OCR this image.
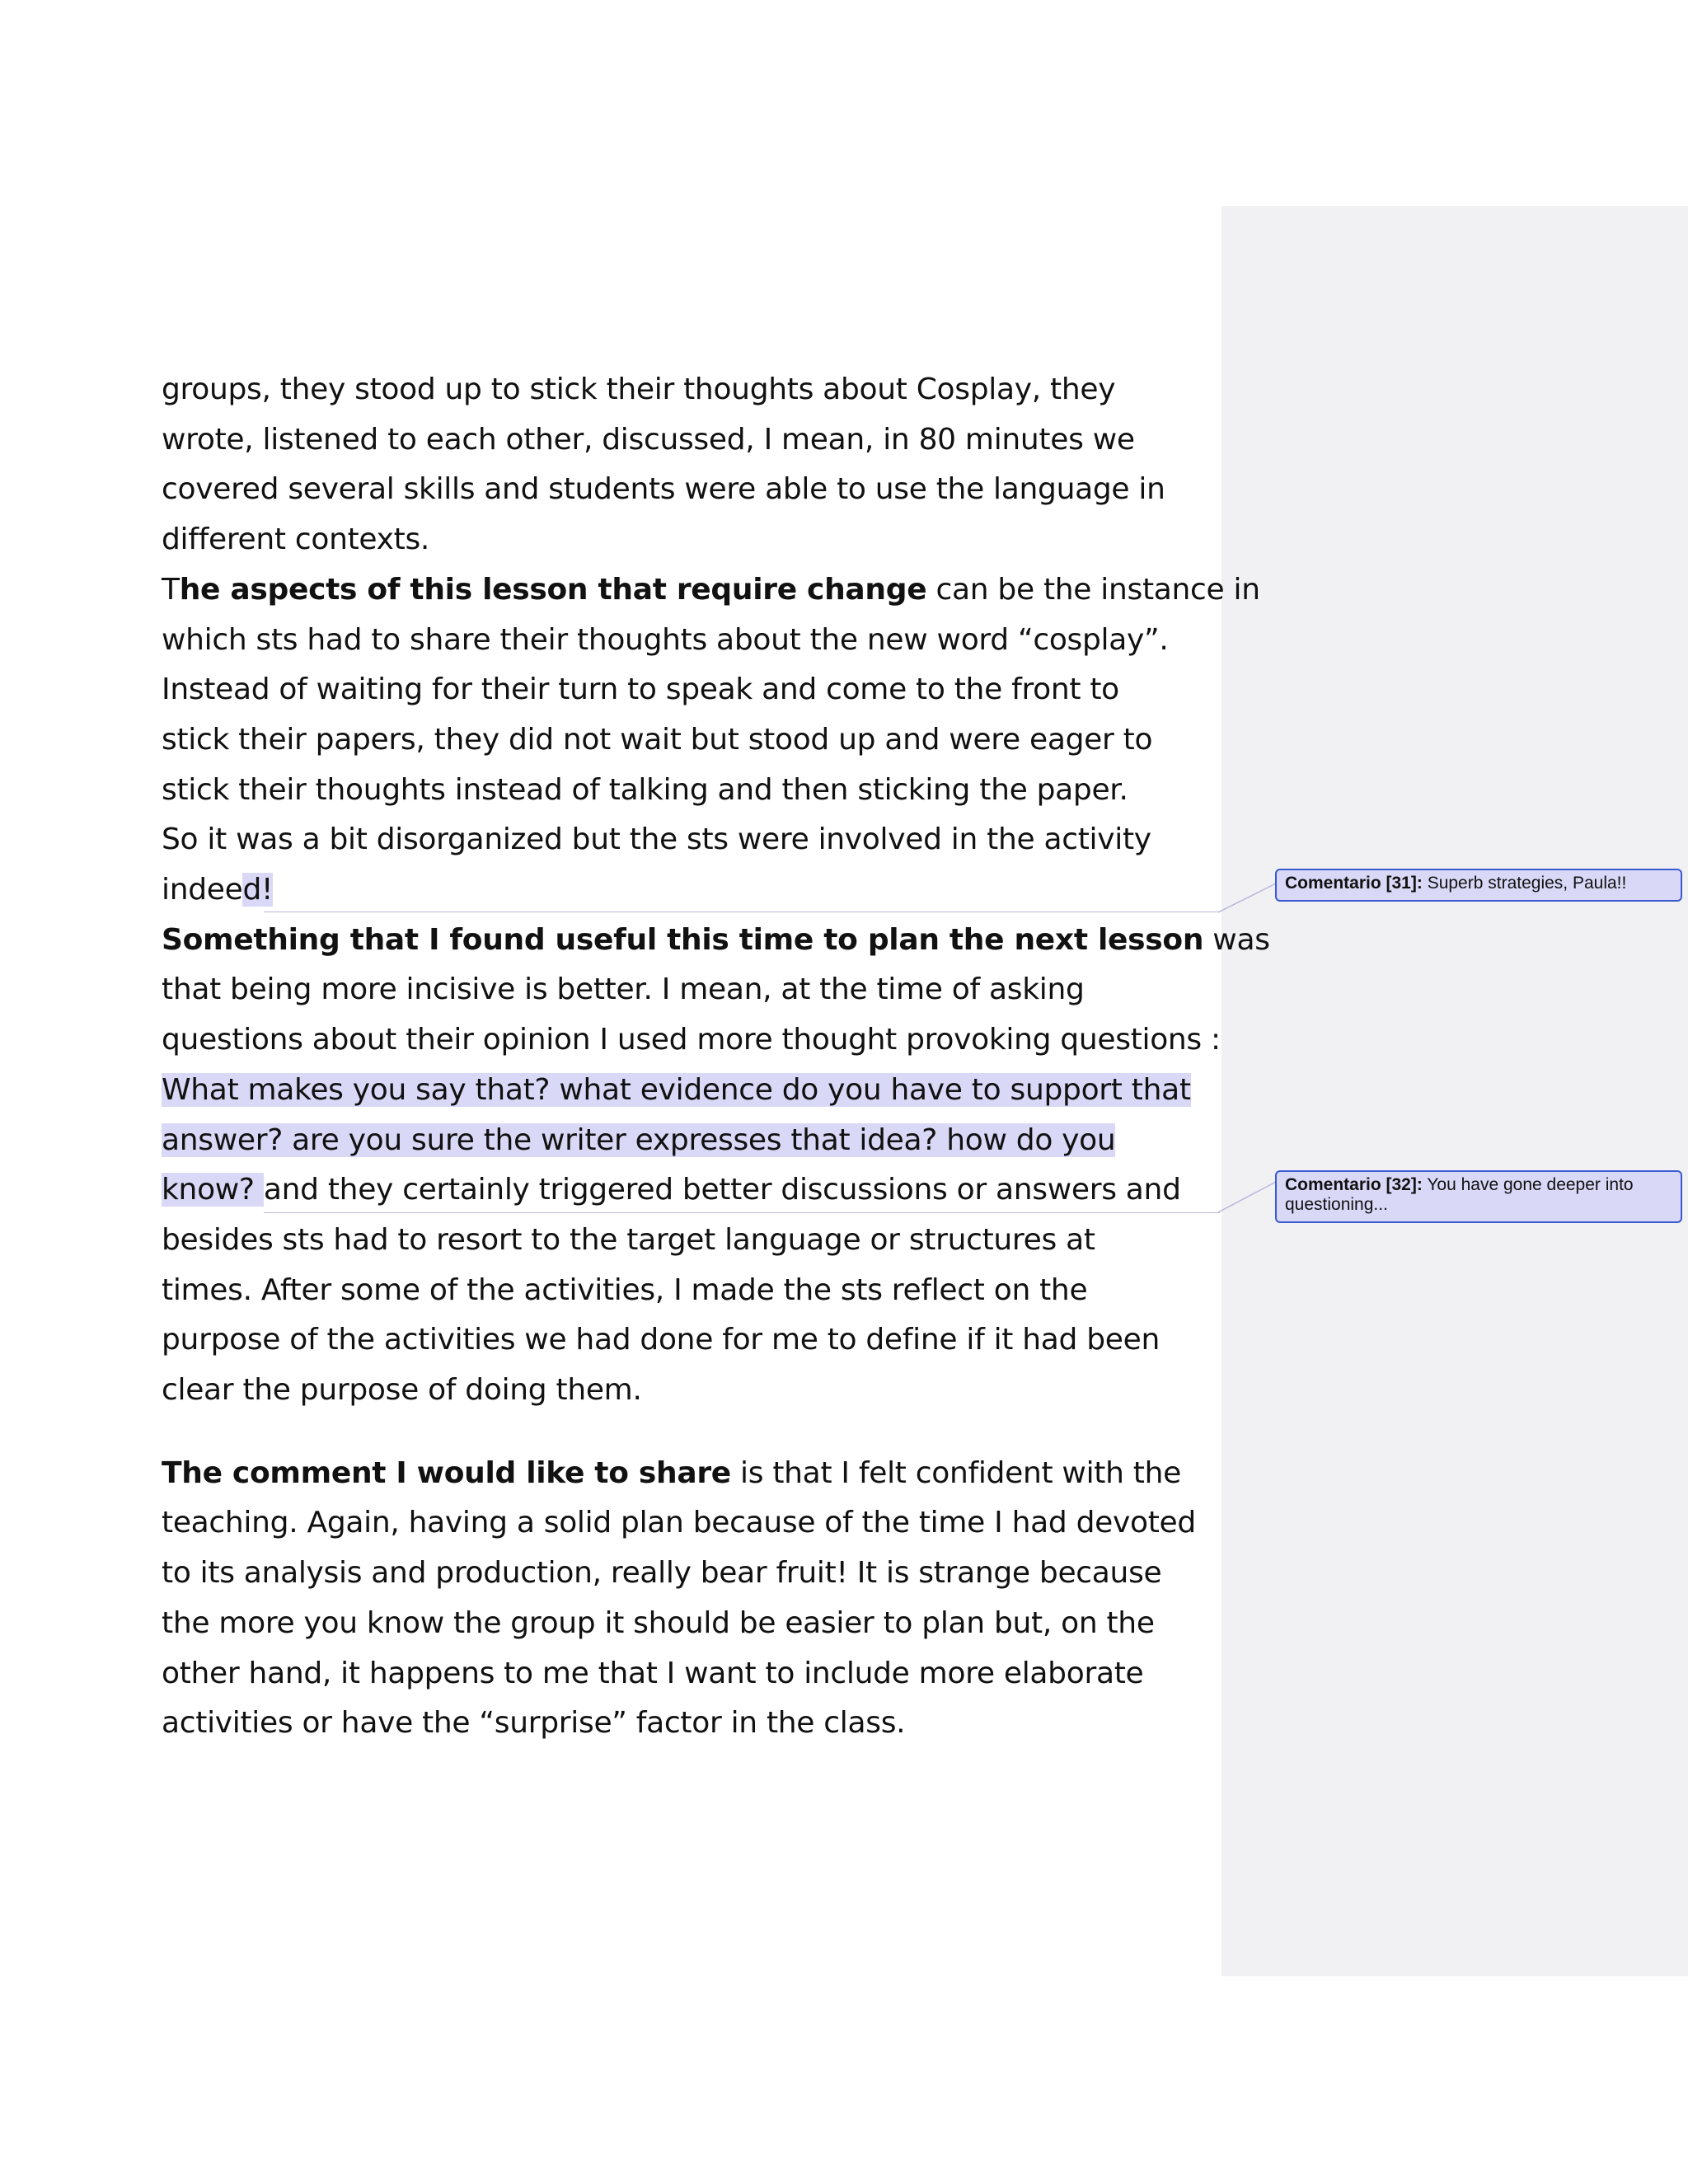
groups, they stood up to stick their thoughts about Cosplay, they

wrote, listened to each other, discussed, I mean, in 80 minutes we

covered several skills and students were able to use the language in

different contexts.

The aspects of this lesson that require change can be the instance in

which sts had to share their thoughts about the new word “cosplay”.

Instead of waiting for their turn to speak and come to the front to

stick their papers, they did not wait but stood up and were eager to

stick their thoughts instead of talking and then sticking the paper.

So it was a bit disorganized but the sts were involved in the activity

indeed!

Something that I found useful this time to plan the next lesson was

that being more incisive is better. I mean, at the time of asking

questions about their opinion I used more thought provoking questions :

What makes you say that? what evidence do you have to support that

answer? are you sure the writer expresses that idea? how do you

know? and they certainly triggered better discussions or answers and

besides sts had to resort to the target language or structures at

times. After some of the activities, I made the sts reflect on the

purpose of the activities we had done for me to define if it had been

clear the purpose of doing them.

The comment I would like to share is that I felt confident with the

teaching. Again, having a solid plan because of the time I had devoted

to its analysis and production, really bear fruit! It is strange because

the more you know the group it should be easier to plan but, on the

other hand, it happens to me that I want to include more elaborate

activities or have the “surprise” factor in the class.

Comentario [31]: Superb strategies, Paula!!
Comentario [32]: You have gone deeper into questioning...
